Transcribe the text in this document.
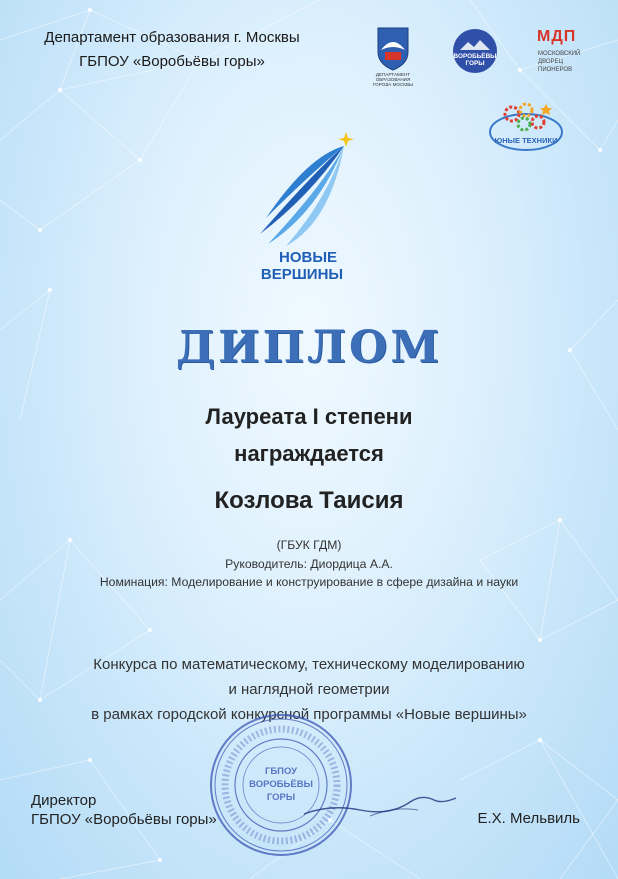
Департамент образования г. Москвы
ГБПОУ «Воробьёвы горы»
ДЕПАРТАМЕНТ
ОБРАЗОВАНИЯ
ГОРОДА МОСКВЫ
ВОРОБЬЁВЫ
ГОРЫ
МДП
МОСКОВСКИЙ
ДВОРЕЦ
ПИОНЕРОВ
ЮНЫЕ ТЕХНИКИ
НОВЫЕ
ВЕРШИНЫ
ДИПЛОМ
Лауреата I степени
награждается
Козлова Таисия
(ГБУК ГДМ)
Руководитель: Диордица А.А.
Номинация: Моделирование и конструирование в сфере дизайна и науки
Конкурса по математическому, техническому моделированию
и наглядной геометрии
в рамках городской конкурсной программы «Новые вершины»
ГБПОУ
ВОРОБЬЁВЫ
ГОРЫ
Директор
ГБПОУ «Воробьёвы горы»	Е.Х. Мельвиль
